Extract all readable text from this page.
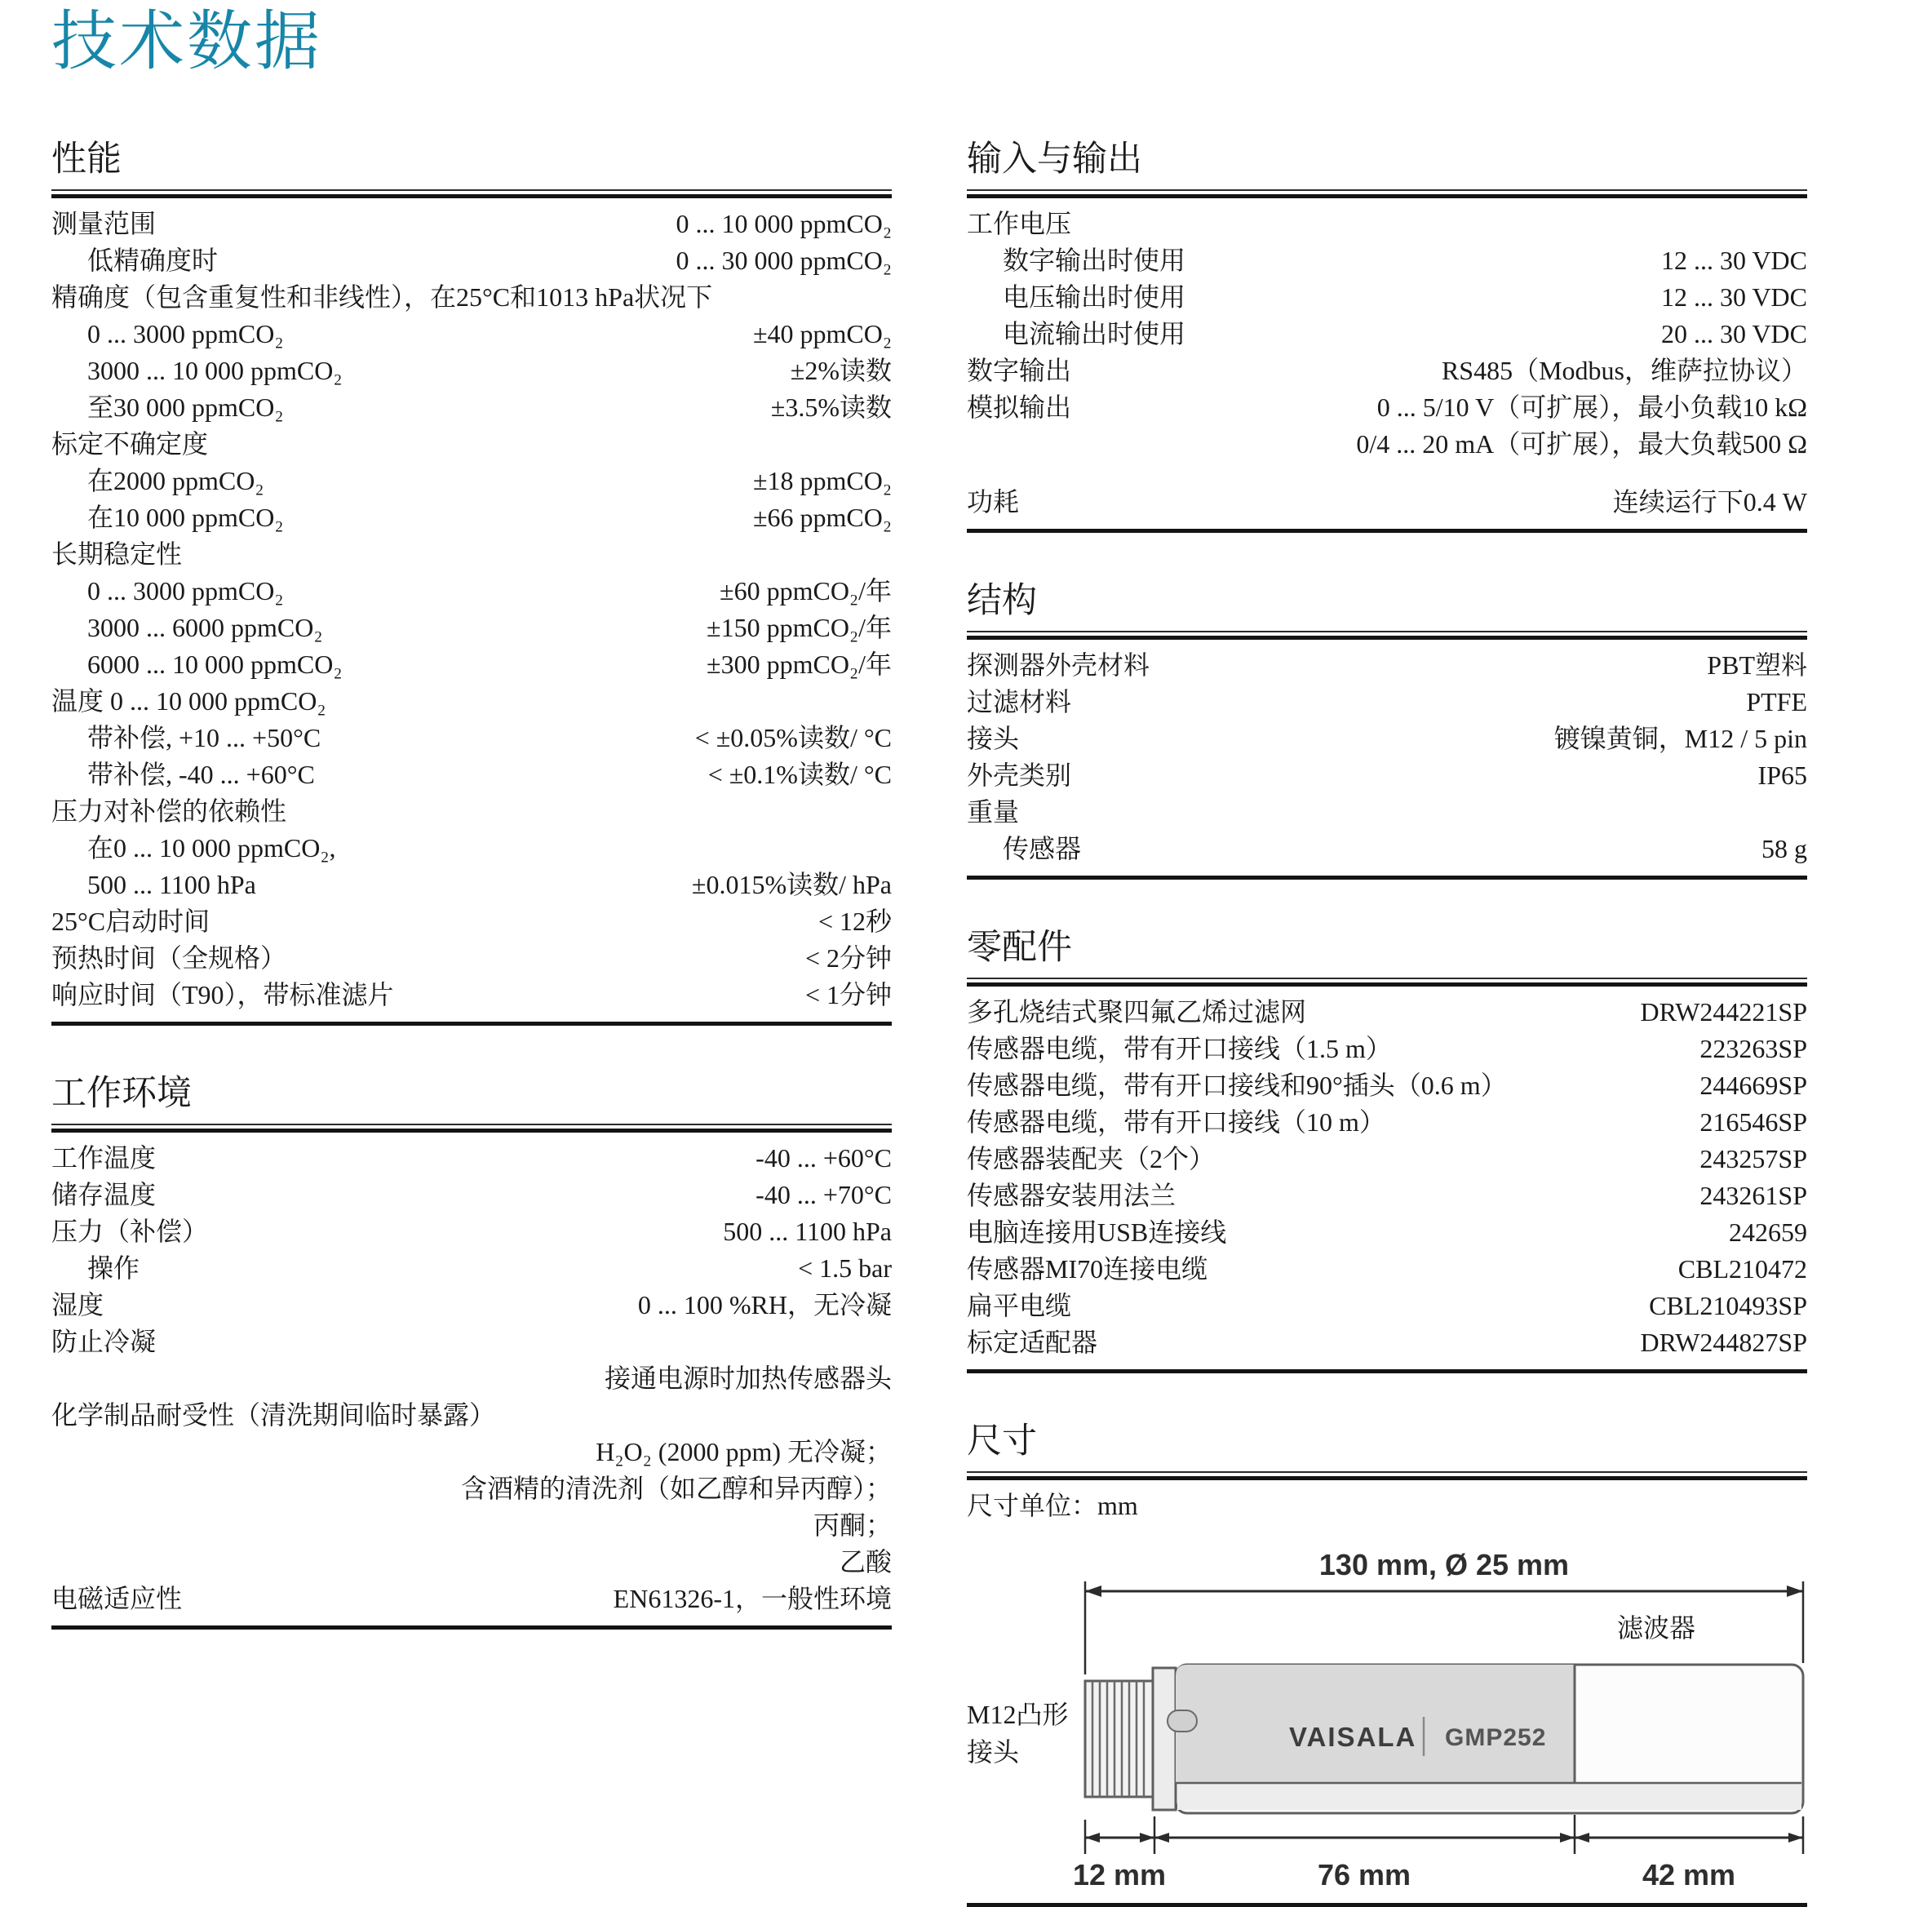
技术数据
性能
测量范围	0 ... 10 000 ppmCO₂
低精确度时	0 ... 30 000 ppmCO₂
精确度（包含重复性和非线性），在25°C和1013 hPa状况下
0 ... 3000 ppmCO₂	±40 ppmCO₂
3000 ... 10 000 ppmCO₂	±2%读数
至30 000 ppmCO₂	±3.5%读数
标定不确定度
在2000 ppmCO₂	±18 ppmCO₂
在10 000 ppmCO₂	±66 ppmCO₂
长期稳定性
0 ... 3000 ppmCO₂	±60 ppmCO₂/年
3000 ... 6000 ppmCO₂	±150 ppmCO₂/年
6000 ... 10 000 ppmCO₂	±300 ppmCO₂/年
温度 0 ... 10 000 ppmCO₂
带补偿, +10 ... +50°C	< ±0.05%读数/ °C
带补偿, -40 ... +60°C	< ±0.1%读数/ °C
压力对补偿的依赖性
在0 ... 10 000 ppmCO₂,
500 ... 1100 hPa	±0.015%读数/ hPa
25°C启动时间	< 12秒
预热时间（全规格）	< 2分钟
响应时间（T90），带标准滤片	< 1分钟
工作环境
工作温度	-40 ... +60°C
储存温度	-40 ... +70°C
压力（补偿）	500 ... 1100 hPa
操作	< 1.5 bar
湿度	0 ... 100 %RH，无冷凝
防止冷凝
接通电源时加热传感器头
化学制品耐受性（清洗期间临时暴露）
H₂O₂ (2000 ppm) 无冷凝；
含酒精的清洗剂（如乙醇和异丙醇）；
丙酮；
乙酸
电磁适应性	EN61326-1，一般性环境
输入与输出
工作电压
数字输出时使用	12 ... 30 VDC
电压输出时使用	12 ... 30 VDC
电流输出时使用	20 ... 30 VDC
数字输出	RS485（Modbus，维萨拉协议）
模拟输出	0 ... 5/10 V（可扩展），最小负载10 kΩ
0/4 ... 20 mA（可扩展），最大负载500 Ω
功耗	连续运行下0.4 W
结构
探测器外壳材料	PBT塑料
过滤材料	PTFE
接头	镀镍黄铜，M12 / 5 pin
外壳类别	IP65
重量
传感器	58 g
零配件
多孔烧结式聚四氟乙烯过滤网	DRW244221SP
传感器电缆，带有开口接线（1.5 m）	223263SP
传感器电缆，带有开口接线和90°插头（0.6 m）	244669SP
传感器电缆，带有开口接线（10 m）	216546SP
传感器装配夹（2个）	243257SP
传感器安装用法兰	243261SP
电脑连接用USB连接线	242659
传感器MI70连接电缆	CBL210472
扁平电缆	CBL210493SP
标定适配器	DRW244827SP
尺寸
尺寸单位：mm
130 mm, Ø 25 mm
滤波器
VAISALA GMP252
M12凸形
接头
12 mm	76 mm	42 mm
